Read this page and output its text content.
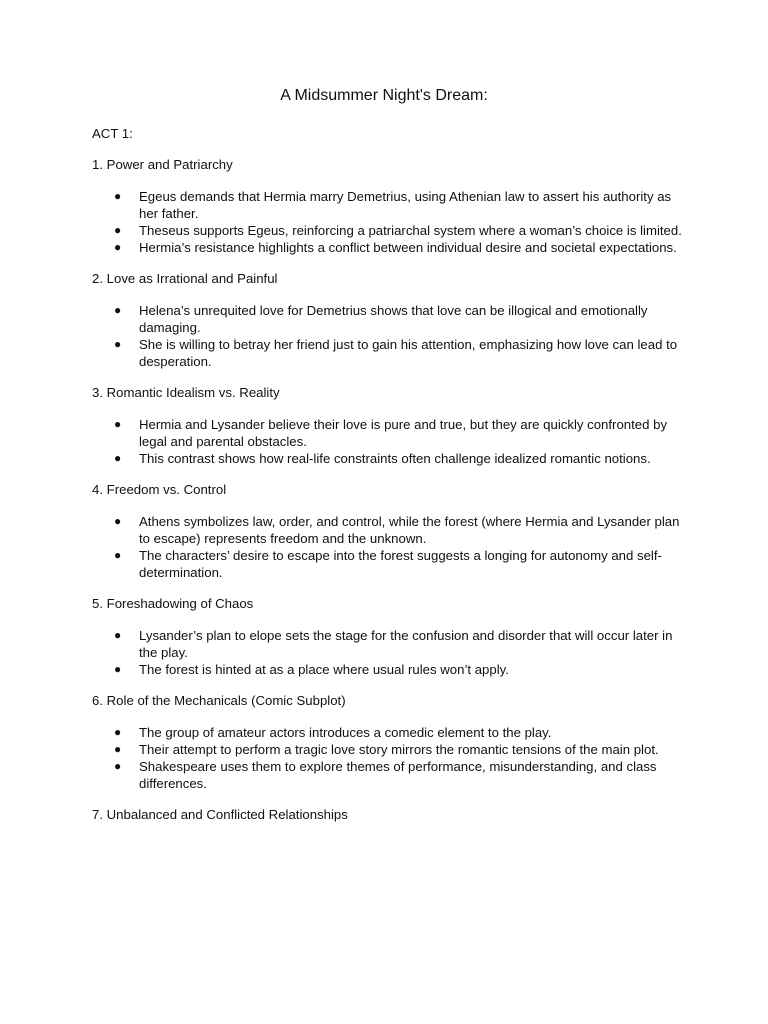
A Midsummer Night's Dream:
ACT 1:
1. Power and Patriarchy
● Egeus demands that Hermia marry Demetrius, using Athenian law to assert his authority as her father.
● Theseus supports Egeus, reinforcing a patriarchal system where a woman’s choice is limited.
● Hermia’s resistance highlights a conflict between individual desire and societal expectations.
2. Love as Irrational and Painful
● Helena’s unrequited love for Demetrius shows that love can be illogical and emotionally damaging.
● She is willing to betray her friend just to gain his attention, emphasizing how love can lead to desperation.
3. Romantic Idealism vs. Reality
● Hermia and Lysander believe their love is pure and true, but they are quickly confronted by legal and parental obstacles.
● This contrast shows how real-life constraints often challenge idealized romantic notions.
4. Freedom vs. Control
● Athens symbolizes law, order, and control, while the forest (where Hermia and Lysander plan to escape) represents freedom and the unknown.
● The characters’ desire to escape into the forest suggests a longing for autonomy and self-determination.
5. Foreshadowing of Chaos
● Lysander’s plan to elope sets the stage for the confusion and disorder that will occur later in the play.
● The forest is hinted at as a place where usual rules won’t apply.
6. Role of the Mechanicals (Comic Subplot)
● The group of amateur actors introduces a comedic element to the play.
● Their attempt to perform a tragic love story mirrors the romantic tensions of the main plot.
● Shakespeare uses them to explore themes of performance, misunderstanding, and class differences.
7. Unbalanced and Conflicted Relationships
